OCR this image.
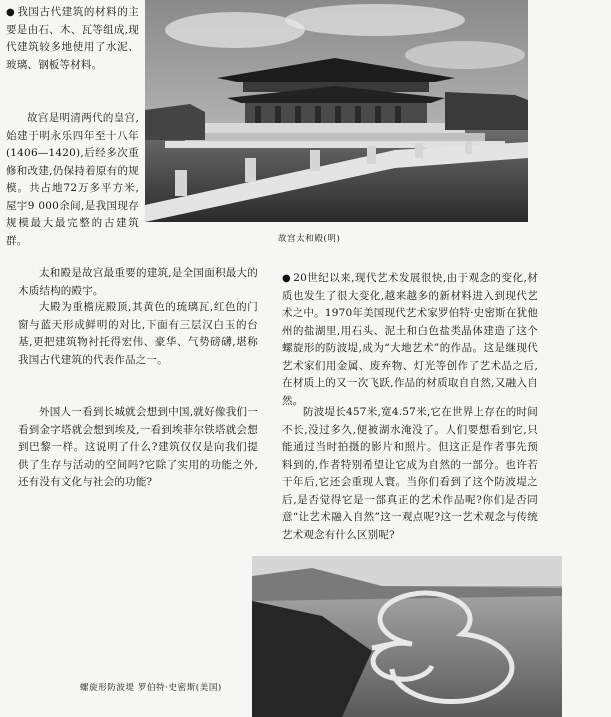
● 我国古代建筑的材料的主要是由石、木、瓦等组成,现代建筑较多地使用了水泥、玻璃、钢板等材料。

故宫是明清两代的皇宫,始建于明永乐四年至十八年(1406—1420),后经多次重修和改建,仍保持着原有的规模。共占地72万多平方米,屋宇9 000余间,是我国现存规模最大最完整的古建筑群。	故宫太和殿(明)

太和殿是故宫最重要的建筑,是全国面积最大的木质结构的殿宇。

大殿为重檐庑殿顶,其黄色的琉璃瓦,红色的门窗与蓝天形成鲜明的对比,下面有三层汉白玉的台基,更把建筑物衬托得宏伟、豪华、气势磅礴,堪称我国古代建筑的代表作品之一。

外国人一看到长城就会想到中国,就好像我们一看到金字塔就会想到埃及,一看到埃菲尔铁塔就会想到巴黎一样。这说明了什么?建筑仅仅是向我们提供了生存与活动的空间吗?它除了实用的功能之外,还有没有文化与社会的功能?

● 20世纪以来,现代艺术发展很快,由于观念的变化,材质也发生了很大变化,越来越多的新材料进入到现代艺术之中。1970年美国现代艺术家罗伯特·史密斯在犹他州的盐湖里,用石头、泥土和白色盐类晶体建造了这个螺旋形的防波堤,成为“大地艺术”的作品。这是继现代艺术家们用金属、废弃物、灯光等创作了艺术品之后,在材质上的又一次飞跃,作品的材质取自自然,又融入自然。

防波堤长457米,宽4.57米,它在世界上存在的时间不长,没过多久,便被湖水淹没了。人们要想看到它,只能通过当时拍摄的影片和照片。但这正是作者事先预料到的,作者特别希望让它成为自然的一部分。也许若干年后,它还会重现人寰。当你们看到了这个防波堤之后,是否觉得它是一部真正的艺术作品呢?你们是否同意“让艺术融入自然”这一观点呢?这一艺术观念与传统艺术观念有什么区别呢?

螺旋形防波堤 罗伯特·史密斯(美国)
